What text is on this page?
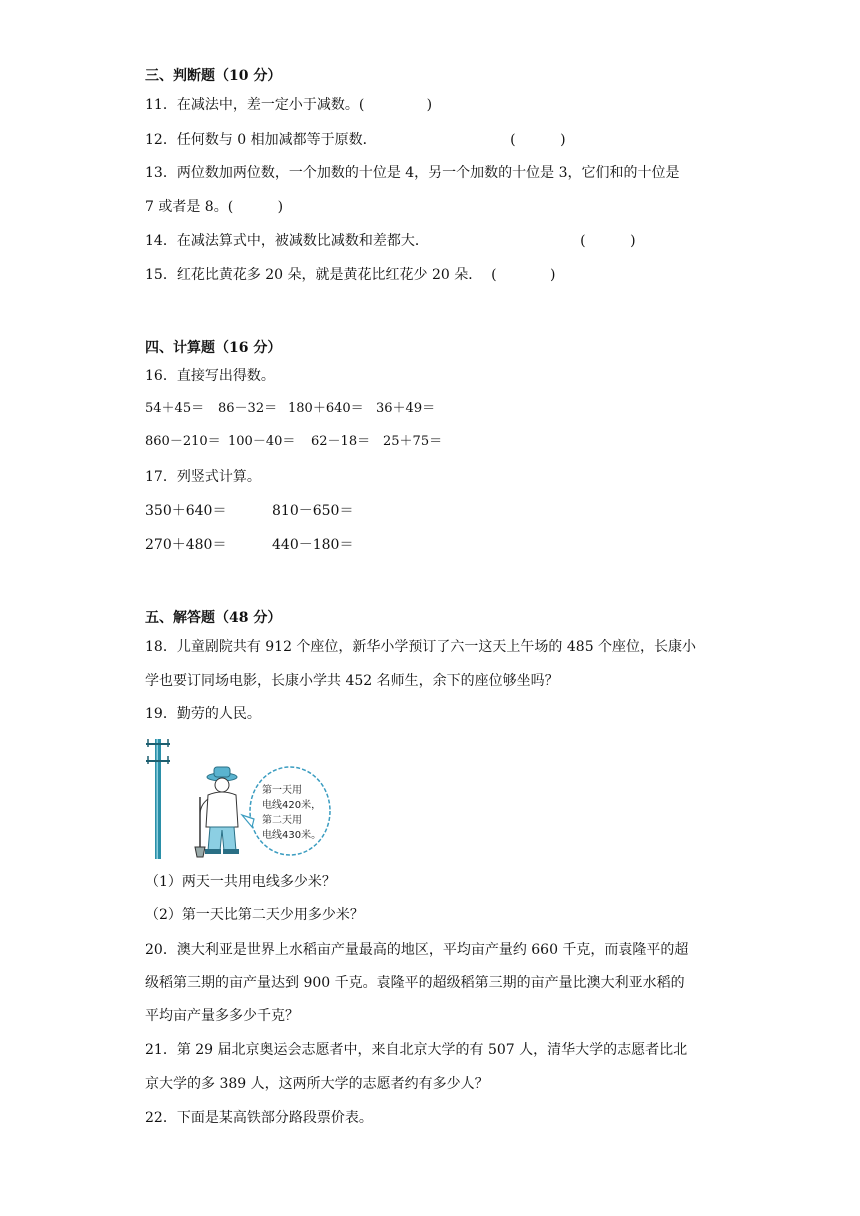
三、判断题（10 分）
11．在减法中，差一定小于减数。(              )
12．任何数与 0 相加减都等于原数．                              (          )
13．两位数加两位数，一个加数的十位是 4，另一个加数的十位是 3，它们和的十位是
7 或者是 8。(          )
14．在减法算式中，被减数比减数和差都大．                                  (          )
15．红花比黄花多 20 朵，就是黄花比红花少 20 朵．  (            )
四、计算题（16 分）
16．直接写出得数。
54＋45＝ 86－32＝ 180＋640＝ 36＋49＝
860－210＝ 100－40＝ 62－18＝ 25＋75＝
17．列竖式计算。
350＋640＝	810－650＝
270＋480＝	440－180＝
五、解答题（48 分）
18．儿童剧院共有 912 个座位，新华小学预订了六一这天上午场的 485 个座位，长康小
学也要订同场电影，长康小学共 452 名师生，余下的座位够坐吗？
19．勤劳的人民。
第一天用
电线420米，
第二天用
电线430米。
（1）两天一共用电线多少米？
（2）第一天比第二天少用多少米？
20．澳大利亚是世界上水稻亩产量最高的地区，平均亩产量约 660 千克，而袁隆平的超
级稻第三期的亩产量达到 900 千克。袁隆平的超级稻第三期的亩产量比澳大利亚水稻的
平均亩产量多多少千克？
21．第 29 届北京奥运会志愿者中，来自北京大学的有 507 人，清华大学的志愿者比北
京大学的多 389 人，这两所大学的志愿者约有多少人？
22．下面是某高铁部分路段票价表。
